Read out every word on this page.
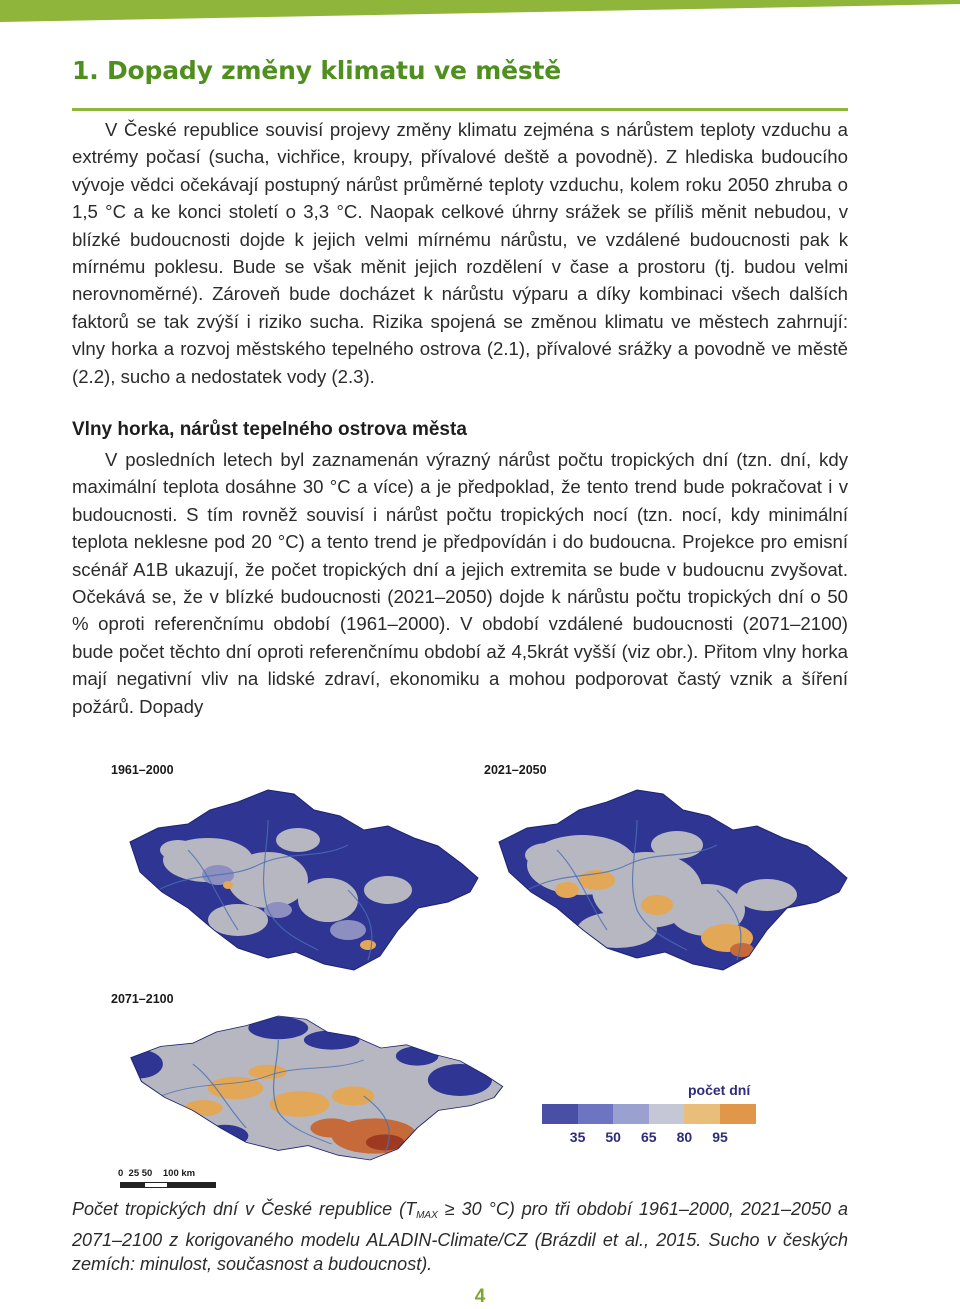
1. Dopady změny klimatu ve městě

V České republice souvisí projevy změny klimatu zejména s nárůstem teploty vzduchu a extrémy počasí (sucha, vichřice, kroupy, přívalové deště a povodně). Z hlediska budoucího vývoje vědci očekávají postupný nárůst průměrné teploty vzduchu, kolem roku 2050 zhruba o 1,5 °C a ke konci století o 3,3 °C. Naopak celkové úhrny srážek se příliš měnit nebudou, v blízké budoucnosti dojde k jejich velmi mírnému nárůstu, ve vzdálené budoucnosti pak k mírnému poklesu. Bude se však měnit jejich rozdělení v čase a prostoru (tj. budou velmi nerovnoměrné). Zároveň bude docházet k nárůstu výparu a díky kombinaci všech dalších faktorů se tak zvýší i riziko sucha. Rizika spojená se změnou klimatu ve městech zahrnují: vlny horka a rozvoj městského tepelného ostrova (2.1), přívalové srážky a povodně ve městě (2.2), sucho a nedostatek vody (2.3).

Vlny horka, nárůst tepelného ostrova města

V posledních letech byl zaznamenán výrazný nárůst počtu tropických dní (tzn. dní, kdy maximální teplota dosáhne 30 °C a více) a je předpoklad, že tento trend bude pokračovat i v budoucnosti. S tím rovněž souvisí i nárůst počtu tropických nocí (tzn. nocí, kdy minimální teplota neklesne pod 20 °C) a tento trend je předpovídán i do budoucna. Projekce pro emisní scénář A1B ukazují, že počet tropických dní a jejich extremita se bude v budoucnu zvyšovat. Očekává se, že v blízké budoucnosti (2021–2050) dojde k nárůstu počtu tropických dní o 50 % oproti referenčnímu období (1961–2000). V období vzdálené budoucnosti (2071–2100) bude počet těchto dní oproti referenčnímu období až 4,5krát vyšší (viz obr.). Přitom vlny horka mají negativní vliv na lidské zdraví, ekonomiku a mohou podporovat častý vznik a šíření požárů. Dopady

1961–2000	2021–2050
2071–2100
počet dní
35 50 65 80 95
0  25 50    100 km

Počet tropických dní v České republice ($T_{MAX} \ge 30$ °C) pro tři období 1961–2000, 2021–2050 a 2071–2100 z korigovaného modelu ALADIN-Climate/CZ (Brázdil et al., 2015. Sucho v českých zemích: minulost, současnost a budoucnost).

4
